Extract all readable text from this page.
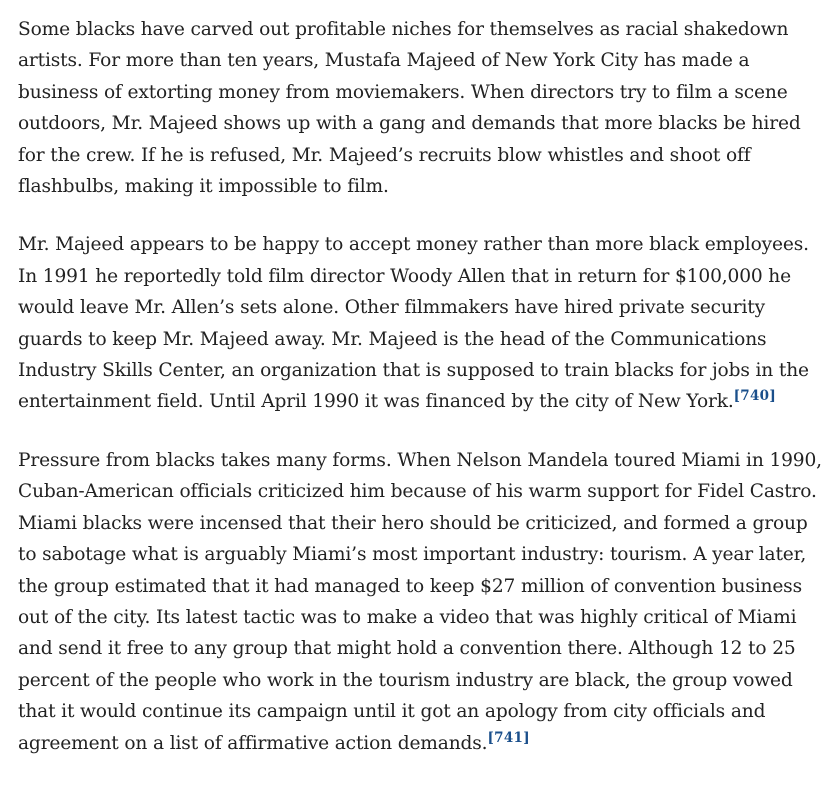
Some blacks have carved out profitable niches for themselves as racial shakedown artists. For more than ten years, Mustafa Majeed of New York City has made a business of extorting money from moviemakers. When directors try to film a scene outdoors, Mr. Majeed shows up with a gang and demands that more blacks be hired for the crew. If he is refused, Mr. Majeed’s recruits blow whistles and shoot off flashbulbs, making it impossible to film.

Mr. Majeed appears to be happy to accept money rather than more black employees. In 1991 he reportedly told film director Woody Allen that in return for $100,000 he would leave Mr. Allen’s sets alone. Other filmmakers have hired private security guards to keep Mr. Majeed away. Mr. Majeed is the head of the Communications Industry Skills Center, an organization that is supposed to train blacks for jobs in the entertainment field. Until April 1990 it was financed by the city of New York.[740]

Pressure from blacks takes many forms. When Nelson Mandela toured Miami in 1990, Cuban-American officials criticized him because of his warm support for Fidel Castro. Miami blacks were incensed that their hero should be criticized, and formed a group to sabotage what is arguably Miami’s most important industry: tourism. A year later, the group estimated that it had managed to keep $27 million of convention business out of the city. Its latest tactic was to make a video that was highly critical of Miami and send it free to any group that might hold a convention there. Although 12 to 25 percent of the people who work in the tourism industry are black, the group vowed that it would continue its campaign until it got an apology from city officials and agreement on a list of affirmative action demands.[741]
